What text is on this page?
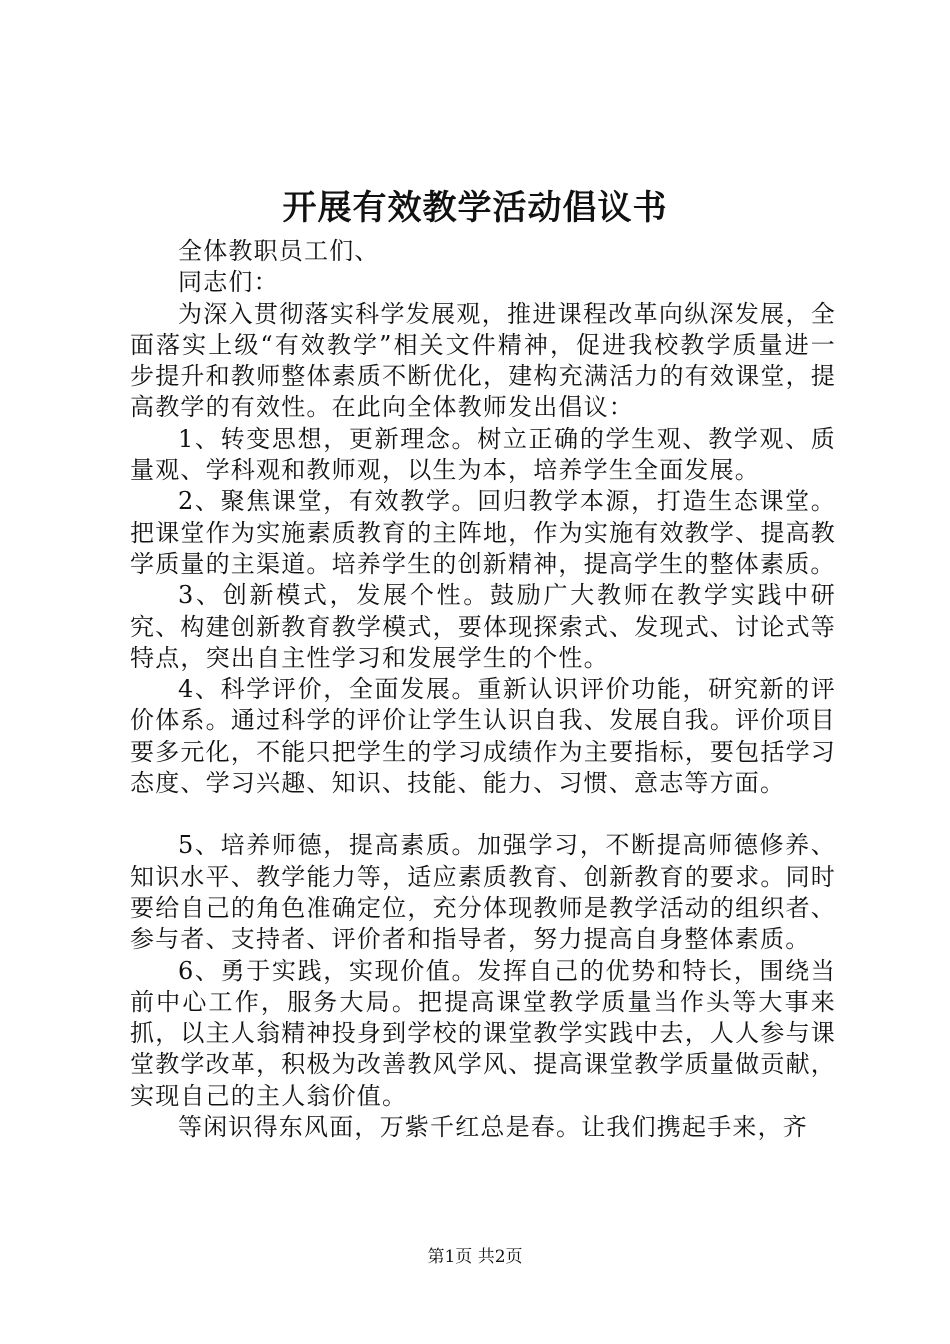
开展有效教学活动倡议书

全体教职员工们、

同志们：

为深入贯彻落实科学发展观，推进课程改革向纵深发展，全面落实上级“有效教学”相关文件精神，促进我校教学质量进一步提升和教师整体素质不断优化，建构充满活力的有效课堂，提高教学的有效性。在此向全体教师发出倡议：

1、转变思想，更新理念。树立正确的学生观、教学观、质量观、学科观和教师观，以生为本，培养学生全面发展。

2、聚焦课堂，有效教学。回归教学本源，打造生态课堂。把课堂作为实施素质教育的主阵地，作为实施有效教学、提高教学质量的主渠道。培养学生的创新精神，提高学生的整体素质。

3、创新模式，发展个性。鼓励广大教师在教学实践中研究、构建创新教育教学模式，要体现探索式、发现式、讨论式等特点，突出自主性学习和发展学生的个性。

4、科学评价，全面发展。重新认识评价功能，研究新的评价体系。通过科学的评价让学生认识自我、发展自我。评价项目要多元化，不能只把学生的学习成绩作为主要指标，要包括学习态度、学习兴趣、知识、技能、能力、习惯、意志等方面。

5、培养师德，提高素质。加强学习，不断提高师德修养、知识水平、教学能力等，适应素质教育、创新教育的要求。同时要给自己的角色准确定位，充分体现教师是教学活动的组织者、参与者、支持者、评价者和指导者，努力提高自身整体素质。

6、勇于实践，实现价值。发挥自己的优势和特长，围绕当前中心工作，服务大局。把提高课堂教学质量当作头等大事来抓，以主人翁精神投身到学校的课堂教学实践中去，人人参与课堂教学改革，积极为改善教风学风、提高课堂教学质量做贡献，实现自己的主人翁价值。

等闲识得东风面，万紫千红总是春。让我们携起手来，齐

第1页 共2页
